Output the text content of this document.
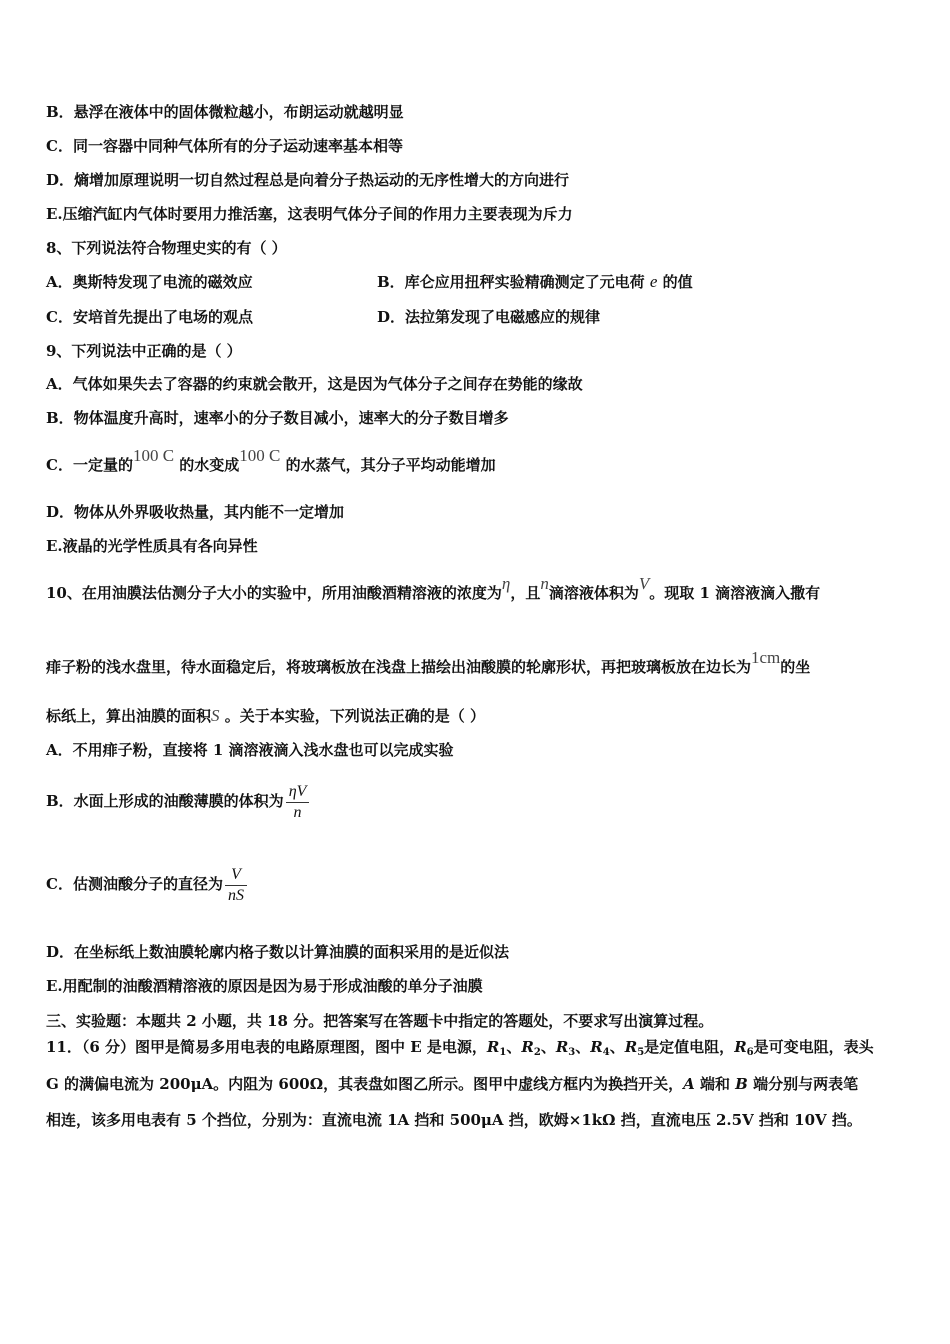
B．悬浮在液体中的固体微粒越小，布朗运动就越明显
C．同一容器中同种气体所有的分子运动速率基本相等
D．熵增加原理说明一切自然过程总是向着分子热运动的无序性增大的方向进行
E.压缩汽缸内气体时要用力推活塞，这表明气体分子间的作用力主要表现为斥力
8、下列说法符合物理史实的有（ ）
A．奥斯特发现了电流的磁效应	B．库仑应用扭秤实验精确测定了元电荷 e 的值
C．安培首先提出了电场的观点	D．法拉第发现了电磁感应的规律
9、下列说法中正确的是（ ）
A．气体如果失去了容器的约束就会散开，这是因为气体分子之间存在势能的缘故
B．物体温度升高时，速率小的分子数目减小，速率大的分子数目增多
C．一定量的100 C 的水变成100 C 的水蒸气，其分子平均动能增加
D．物体从外界吸收热量，其内能不一定增加
E.液晶的光学性质具有各向异性
10、在用油膜法估测分子大小的实验中，所用油酸酒精溶液的浓度为η，且n滴溶液体积为V。现取 1 滴溶液滴入撒有
痱子粉的浅水盘里，待水面稳定后，将玻璃板放在浅盘上描绘出油酸膜的轮廓形状，再把玻璃板放在边长为1cm的坐
标纸上，算出油膜的面积S 。关于本实验，下列说法正确的是（ ）
A．不用痱子粉，直接将 1 滴溶液滴入浅水盘也可以完成实验
B．水面上形成的油酸薄膜的体积为 $\frac{\eta V}{n}$
C．估测油酸分子的直径为 $\frac{V}{nS}$
D．在坐标纸上数油膜轮廓内格子数以计算油膜的面积采用的是近似法
E.用配制的油酸酒精溶液的原因是因为易于形成油酸的单分子油膜
三、实验题：本题共 2 小题，共 18 分。把答案写在答题卡中指定的答题处，不要求写出演算过程。
11．（6 分）图甲是简易多用电表的电路原理图，图中 E 是电源，$R_1$、$R_2$、$R_3$、$R_4$、$R_5$是定值电阻，$R_6$是可变电阻，表头
G 的满偏电流为 200μA。内阻为 600Ω，其表盘如图乙所示。图甲中虚线方框内为换挡开关，A 端和 B 端分别与两表笔
相连，该多用电表有 5 个挡位，分别为：直流电流 1A 挡和 500μA 挡，欧姆×1kΩ 挡，直流电压 2.5V 挡和 10V 挡。
